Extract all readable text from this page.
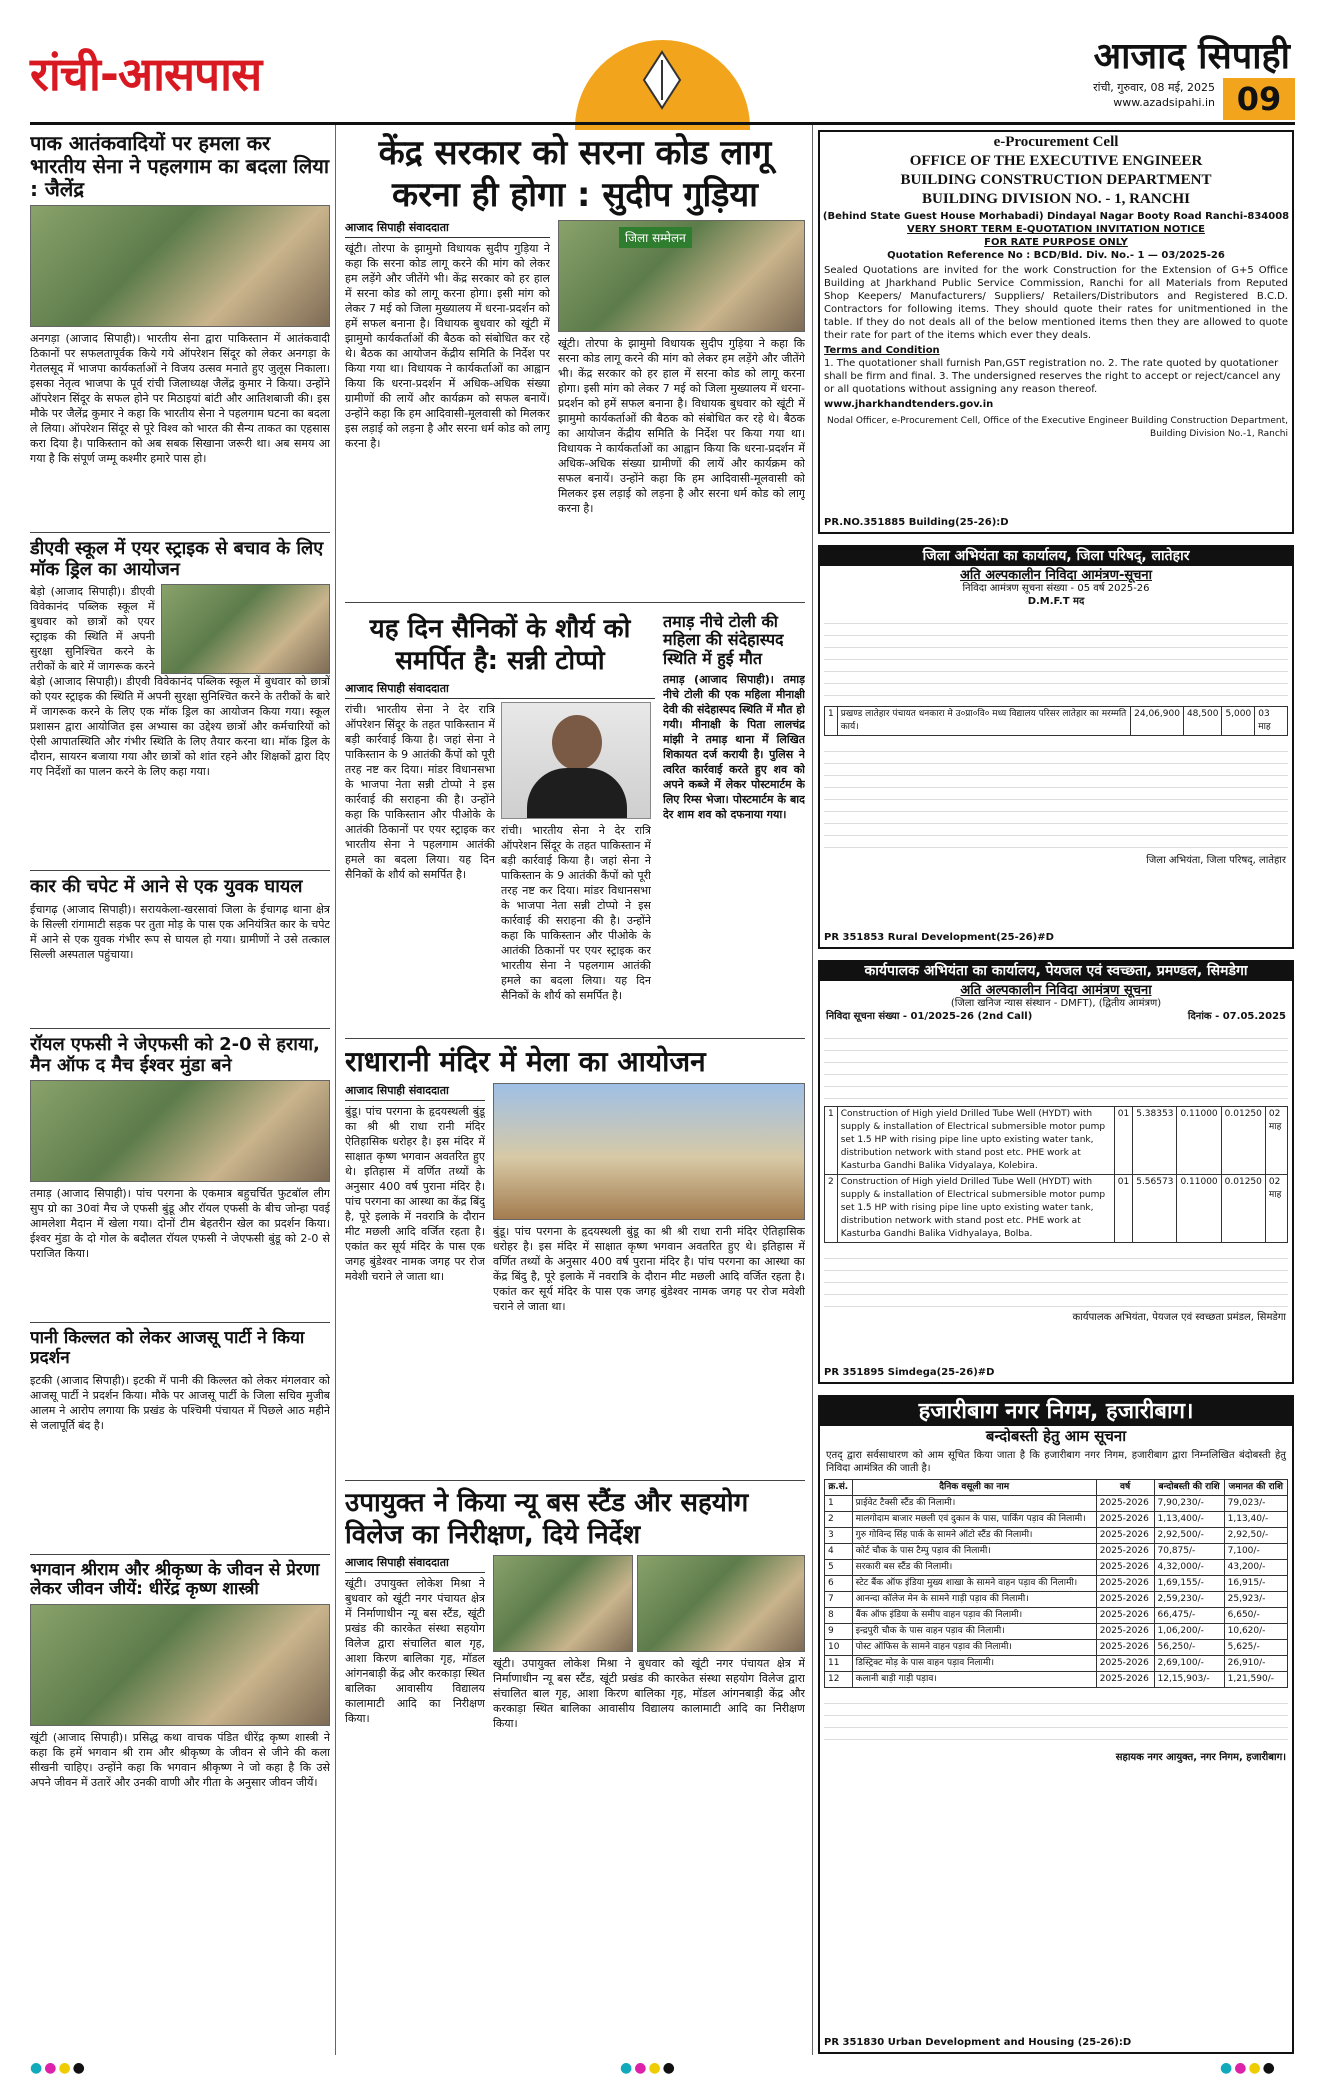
रांची-आसपास	आजाद सिपाही
रांची, गुरुवार, 08 मई, 2025
www.azadsipahi.in 09
पाक आतंकवादियों पर हमला कर भारतीय सेना ने पहलगाम का बदला लिया : जैलेंद्र
अनगड़ा (आजाद सिपाही)। भारतीय सेना द्वारा पाकिस्तान में आतंकवादी ठिकानों पर सफलतापूर्वक किये गये ऑपरेशन सिंदूर को लेकर अनगड़ा के गेतलसूद में भाजपा कार्यकर्ताओं ने विजय उत्सव मनाते हुए जुलूस निकाला। इसका नेतृत्व भाजपा के पूर्व रांची जिलाध्यक्ष जैलेंद्र कुमार ने किया। उन्होंने ऑपरेशन सिंदूर के सफल होने पर मिठाइयां बांटी और आतिशबाजी की। इस मौके पर जैलेंद्र कुमार ने कहा कि भारतीय सेना ने पहलगाम घटना का बदला ले लिया। ऑपरेशन सिंदूर से पूरे विश्व को भारत की सैन्य ताकत का एहसास करा दिया है। पाकिस्तान को अब सबक सिखाना जरूरी था। अब समय आ गया है कि संपूर्ण जम्मू कश्मीर हमारे पास हो।
डीएवी स्कूल में एयर स्ट्राइक से बचाव के लिए मॉक ड्रिल का आयोजन
बेड़ो (आजाद सिपाही)। डीएवी विवेकानंद पब्लिक स्कूल में बुधवार को छात्रों को एयर स्ट्राइक की स्थिति में अपनी सुरक्षा सुनिश्चित करने के तरीकों के बारे में जागरूक करने
बेड़ो (आजाद सिपाही)। डीएवी विवेकानंद पब्लिक स्कूल में बुधवार को छात्रों को एयर स्ट्राइक की स्थिति में अपनी सुरक्षा सुनिश्चित करने के तरीकों के बारे में जागरूक करने के लिए एक मॉक ड्रिल का आयोजन किया गया। स्कूल प्रशासन द्वारा आयोजित इस अभ्यास का उद्देश्य छात्रों और कर्मचारियों को ऐसी आपातस्थिति और गंभीर स्थिति के लिए तैयार करना था। मॉक ड्रिल के दौरान, सायरन बजाया गया और छात्रों को शांत रहने और शिक्षकों द्वारा दिए गए निर्देशों का पालन करने के लिए कहा गया।
कार की चपेट में आने से एक युवक घायल
ईचागढ़ (आजाद सिपाही)। सरायकेला-खरसावां जिला के ईचागढ़ थाना क्षेत्र के सिल्ली रांगामाटी सड़क पर तुता मोड़ के पास एक अनियंत्रित कार के चपेट में आने से एक युवक गंभीर रूप से घायल हो गया। ग्रामीणों ने उसे तत्काल सिल्ली अस्पताल पहुंचाया।
रॉयल एफसी ने जेएफसी को 2-0 से हराया, मैन ऑफ द मैच ईश्वर मुंडा बने
तमाड़ (आजाद सिपाही)। पांच परगना के एकमात्र बहुचर्चित फुटबॉल लीग सुप ग्रो का 30वां मैच जे एफसी बुंडू और रॉयल एफसी के बीच जोन्हा पवई आमलेशा मैदान में खेला गया। दोनों टीम बेहतरीन खेल का प्रदर्शन किया। ईश्वर मुंडा के दो गोल के बदौलत रॉयल एफसी ने जेएफसी बुंडू को 2-0 से पराजित किया।
पानी किल्लत को लेकर आजसू पार्टी ने किया प्रदर्शन
इटकी (आजाद सिपाही)। इटकी में पानी की किल्लत को लेकर मंगलवार को आजसू पार्टी ने प्रदर्शन किया। मौके पर आजसू पार्टी के जिला सचिव मुजीब आलम ने आरोप लगाया कि प्रखंड के पश्चिमी पंचायत में पिछले आठ महीने से जलापूर्ति बंद है।
भगवान श्रीराम और श्रीकृष्ण के जीवन से प्रेरणा लेकर जीवन जीयें: धीरेंद्र कृष्ण शास्त्री
खूंटी (आजाद सिपाही)। प्रसिद्ध कथा वाचक पंडित धीरेंद्र कृष्ण शास्त्री ने कहा कि हमें भगवान श्री राम और श्रीकृष्ण के जीवन से जीने की कला सीखनी चाहिए। उन्होंने कहा कि भगवान श्रीकृष्ण ने जो कहा है कि उसे अपने जीवन में उतारें और उनकी वाणी और गीता के अनुसार जीवन जीयें।
केंद्र सरकार को सरना कोड लागू करना ही होगा : सुदीप गुड़िया
आजाद सिपाही संवाददाता
खूंटी। तोरपा के झामुमो विधायक सुदीप गुड़िया ने कहा कि सरना कोड लागू करने की मांग को लेकर हम लड़ेंगे और जीतेंगे भी। केंद्र सरकार को हर हाल में सरना कोड को लागू करना होगा। इसी मांग को लेकर 7 मई को जिला मुख्यालय में धरना-प्रदर्शन को हमें सफल बनाना है। विधायक बुधवार को खूंटी में झामुमो कार्यकर्ताओं की बैठक को संबोधित कर रहे थे। बैठक का आयोजन केंद्रीय समिति के निर्देश पर किया गया था। विधायक ने कार्यकर्ताओं का आह्वान किया कि धरना-प्रदर्शन में अधिक-अधिक संख्या ग्रामीणों की लायें और कार्यक्रम को सफल बनायें। उन्होंने कहा कि हम आदिवासी-मूलवासी को मिलकर इस लड़ाई को लड़ना है और सरना धर्म कोड को लागू करना है।
जिला सम्मेलन
खूंटी। तोरपा के झामुमो विधायक सुदीप गुड़िया ने कहा कि सरना कोड लागू करने की मांग को लेकर हम लड़ेंगे और जीतेंगे भी। केंद्र सरकार को हर हाल में सरना कोड को लागू करना होगा। इसी मांग को लेकर 7 मई को जिला मुख्यालय में धरना-प्रदर्शन को हमें सफल बनाना है। विधायक बुधवार को खूंटी में झामुमो कार्यकर्ताओं की बैठक को संबोधित कर रहे थे। बैठक का आयोजन केंद्रीय समिति के निर्देश पर किया गया था। विधायक ने कार्यकर्ताओं का आह्वान किया कि धरना-प्रदर्शन में अधिक-अधिक संख्या ग्रामीणों की लायें और कार्यक्रम को सफल बनायें। उन्होंने कहा कि हम आदिवासी-मूलवासी को मिलकर इस लड़ाई को लड़ना है और सरना धर्म कोड को लागू करना है।
यह दिन सैनिकों के शौर्य को समर्पित है: सन्नी टोप्पो
आजाद सिपाही संवाददाता
रांची। भारतीय सेना ने देर रात्रि ऑपरेशन सिंदूर के तहत पाकिस्तान में बड़ी कार्रवाई किया है। जहां सेना ने पाकिस्तान के 9 आतंकी कैंपों को पूरी तरह नष्ट कर दिया। मांडर विधानसभा के भाजपा नेता सन्नी टोप्पो ने इस कार्रवाई की सराहना की है। उन्होंने कहा कि पाकिस्तान और पीओके के आतंकी ठिकानों पर एयर स्ट्राइक कर भारतीय सेना ने पहलगाम आतंकी हमले का बदला लिया। यह दिन सैनिकों के शौर्य को समर्पित है।
रांची। भारतीय सेना ने देर रात्रि ऑपरेशन सिंदूर के तहत पाकिस्तान में बड़ी कार्रवाई किया है। जहां सेना ने पाकिस्तान के 9 आतंकी कैंपों को पूरी तरह नष्ट कर दिया। मांडर विधानसभा के भाजपा नेता सन्नी टोप्पो ने इस कार्रवाई की सराहना की है। उन्होंने कहा कि पाकिस्तान और पीओके के आतंकी ठिकानों पर एयर स्ट्राइक कर भारतीय सेना ने पहलगाम आतंकी हमले का बदला लिया। यह दिन सैनिकों के शौर्य को समर्पित है।
तमाड़ नीचे टोली की महिला की संदेहास्पद स्थिति में हुई मौत
तमाड़ (आजाद सिपाही)। तमाड़ नीचे टोली की एक महिला मीनाक्षी देवी की संदेहास्पद स्थिति में मौत हो गयी। मीनाक्षी के पिता लालचंद्र मांझी ने तमाड़ थाना में लिखित शिकायत दर्ज करायी है। पुलिस ने त्वरित कार्रवाई करते हुए शव को अपने कब्जे में लेकर पोस्टमार्टम के लिए रिम्स भेजा। पोस्टमार्टम के बाद देर शाम शव को दफनाया गया।
राधारानी मंदिर में मेला का आयोजन
आजाद सिपाही संवाददाता
बुंडू। पांच परगना के हृदयस्थली बुंडू का श्री श्री राधा रानी मंदिर ऐतिहासिक धरोहर है। इस मंदिर में साक्षात कृष्ण भगवान अवतरित हुए थे। इतिहास में वर्णित तथ्यों के अनुसार 400 वर्ष पुराना मंदिर है। पांच परगना का आस्था का केंद्र बिंदु है, पूरे इलाके में नवरात्रि के दौरान मीट मछली आदि वर्जित रहता है। एकांत कर सूर्य मंदिर के पास एक जगह बुंडेश्वर नामक जगह पर रोज मवेशी चराने ले जाता था।
बुंडू। पांच परगना के हृदयस्थली बुंडू का श्री श्री राधा रानी मंदिर ऐतिहासिक धरोहर है। इस मंदिर में साक्षात कृष्ण भगवान अवतरित हुए थे। इतिहास में वर्णित तथ्यों के अनुसार 400 वर्ष पुराना मंदिर है। पांच परगना का आस्था का केंद्र बिंदु है, पूरे इलाके में नवरात्रि के दौरान मीट मछली आदि वर्जित रहता है। एकांत कर सूर्य मंदिर के पास एक जगह बुंडेश्वर नामक जगह पर रोज मवेशी चराने ले जाता था।
उपायुक्त ने किया न्यू बस स्टैंड और सहयोग विलेज का निरीक्षण, दिये निर्देश
आजाद सिपाही संवाददाता
खूंटी। उपायुक्त लोकेश मिश्रा ने बुधवार को खूंटी नगर पंचायत क्षेत्र में निर्माणाधीन न्यू बस स्टैंड, खूंटी प्रखंड की कारकेत संस्था सहयोग विलेज द्वारा संचालित बाल गृह, आशा किरण बालिका गृह, मॉडल आंगनबाड़ी केंद्र और करकाड़ा स्थित बालिका आवासीय विद्यालय कालामाटी आदि का निरीक्षण किया।
खूंटी। उपायुक्त लोकेश मिश्रा ने बुधवार को खूंटी नगर पंचायत क्षेत्र में निर्माणाधीन न्यू बस स्टैंड, खूंटी प्रखंड की कारकेत संस्था सहयोग विलेज द्वारा संचालित बाल गृह, आशा किरण बालिका गृह, मॉडल आंगनबाड़ी केंद्र और करकाड़ा स्थित बालिका आवासीय विद्यालय कालामाटी आदि का निरीक्षण किया।
e-Procurement Cell
OFFICE OF THE EXECUTIVE ENGINEER
BUILDING CONSTRUCTION DEPARTMENT
BUILDING DIVISION NO. - 1, RANCHI
(Behind State Guest House Morhabadi) Dindayal Nagar Booty Road Ranchi-834008
VERY SHORT TERM E-QUOTATION INVITATION NOTICE
FOR RATE PURPOSE ONLY
Quotation Reference No : BCD/Bld. Div. No.- 1 — 03/2025-26
Sealed Quotations are invited for the work Construction for the Extension of G+5 Office Building at Jharkhand Public Service Commission, Ranchi for all Materials from Reputed Shop Keepers/ Manufacturers/ Suppliers/ Retailers/Distributors and Registered B.C.D. Contractors for following items. They should quote their rates for unitmentioned in the table. If they do not deals all of the below mentioned items then they are allowed to quote their rate for part of the items which ever they deals.
Terms and Condition
1. The quotationer shall furnish Pan,GST registration no. 2. The rate quoted by quotationer shall be firm and final. 3. The undersigned reserves the right to accept or reject/cancel any or all quotations without assigning any reason thereof.
www.jharkhandtenders.gov.in
Nodal Officer, e-Procurement Cell, Office of the Executive Engineer Building Construction Department, Building Division No.-1, Ranchi
PR.NO.351885 Building(25-26):D
जिला अभियंता का कार्यालय, जिला परिषद्, लातेहार
अति अल्पकालीन निविदा आमंत्रण-सूचना
निविदा आमंत्रण सूचना संख्या - 05 वर्ष 2025-26
D.M.F.T मद
1	प्रखण्ड लातेहार पंचायत धनकारा मे उ०प्रा०वि० मध्य विद्यालय परिसर लातेहार का मरम्मति कार्य।	24,06,900	48,500	5,000	03 माह
जिला अभियंता, जिला परिषद्, लातेहार
PR 351853 Rural Development(25-26)#D
कार्यपालक अभियंता का कार्यालय, पेयजल एवं स्वच्छता, प्रमण्डल, सिमडेगा
अति अल्पकालीन निविदा आमंत्रण सूचना
(जिला खनिज न्यास संस्थान - DMFT), (द्वितीय आमंत्रण)
निविदा सूचना संख्या - 01/2025-26 (2nd Call)	दिनांक - 07.05.2025
1	Construction of High yield Drilled Tube Well (HYDT) with supply & installation of Electrical submersible motor pump set 1.5 HP with rising pipe line upto existing water tank, distribution network with stand post etc. PHE work at Kasturba Gandhi Balika Vidyalaya, Kolebira.	01	5.38353	0.11000	0.01250	02 माह
2	Construction of High yield Drilled Tube Well (HYDT) with supply & installation of Electrical submersible motor pump set 1.5 HP with rising pipe line upto existing water tank, distribution network with stand post etc. PHE work at Kasturba Gandhi Balika Vidhyalaya, Bolba.	01	5.56573	0.11000	0.01250	02 माह
कार्यपालक अभियंता, पेयजल एवं स्वच्छता प्रमंडल, सिमडेगा
PR 351895 Simdega(25-26)#D
हजारीबाग नगर निगम, हजारीबाग।
बन्दोबस्ती हेतु आम सूचना
एतद् द्वारा सर्वसाधारण को आम सूचित किया जाता है कि हजारीबाग नगर निगम, हजारीबाग द्वारा निम्नलिखित बंदोबस्ती हेतु निविदा आमंत्रित की जाती है।
क्र.सं.	दैनिक वसूली का नाम	वर्ष	बन्दोबस्ती की राशि	जमानत की राशि
1	प्राईवेट टैक्सी स्टैंड की निलामी।	2025-2026	7,90,230/-	79,023/-
2	मालगोदाम बाजार मछली एवं दुकान के पास, पार्किंग पड़ाव की निलामी।	2025-2026	1,13,400/-	1,13,40/-
3	गुरु गोविन्द सिंह पार्क के सामने ऑटो स्टैंड की निलामी।	2025-2026	2,92,500/-	2,92,50/-
4	कोर्ट चौक के पास टैम्पु पड़ाव की निलामी।	2025-2026	70,875/-	7,100/-
5	सरकारी बस स्टैंड की निलामी।	2025-2026	4,32,000/-	43,200/-
6	स्टेट बैंक ऑफ इंडिया मुख्य शाखा के सामने वाहन पड़ाव की निलामी।	2025-2026	1,69,155/-	16,915/-
7	आनन्दा कॉलेज मेन के सामने गाड़ी पड़ाव की निलामी।	2025-2026	2,59,230/-	25,923/-
8	बैंक ऑफ इंडिया के समीप वाहन पड़ाव की निलामी।	2025-2026	66,475/-	6,650/-
9	इन्द्रपुरी चौक के पास वाहन पड़ाव की निलामी।	2025-2026	1,06,200/-	10,620/-
10	पोस्ट ऑफिस के सामने वाहन पड़ाव की निलामी।	2025-2026	56,250/-	5,625/-
11	डिस्ट्रिक्ट मोड़ के पास वाहन पड़ाव निलामी।	2025-2026	2,69,100/-	26,910/-
12	कलानी बाड़ी गाड़ी पड़ाव।	2025-2026	12,15,903/-	1,21,590/-
सहायक नगर आयुक्त, नगर निगम, हजारीबाग।
PR 351830 Urban Development and Housing (25-26):D
●●●●	●●●●	●●●●
